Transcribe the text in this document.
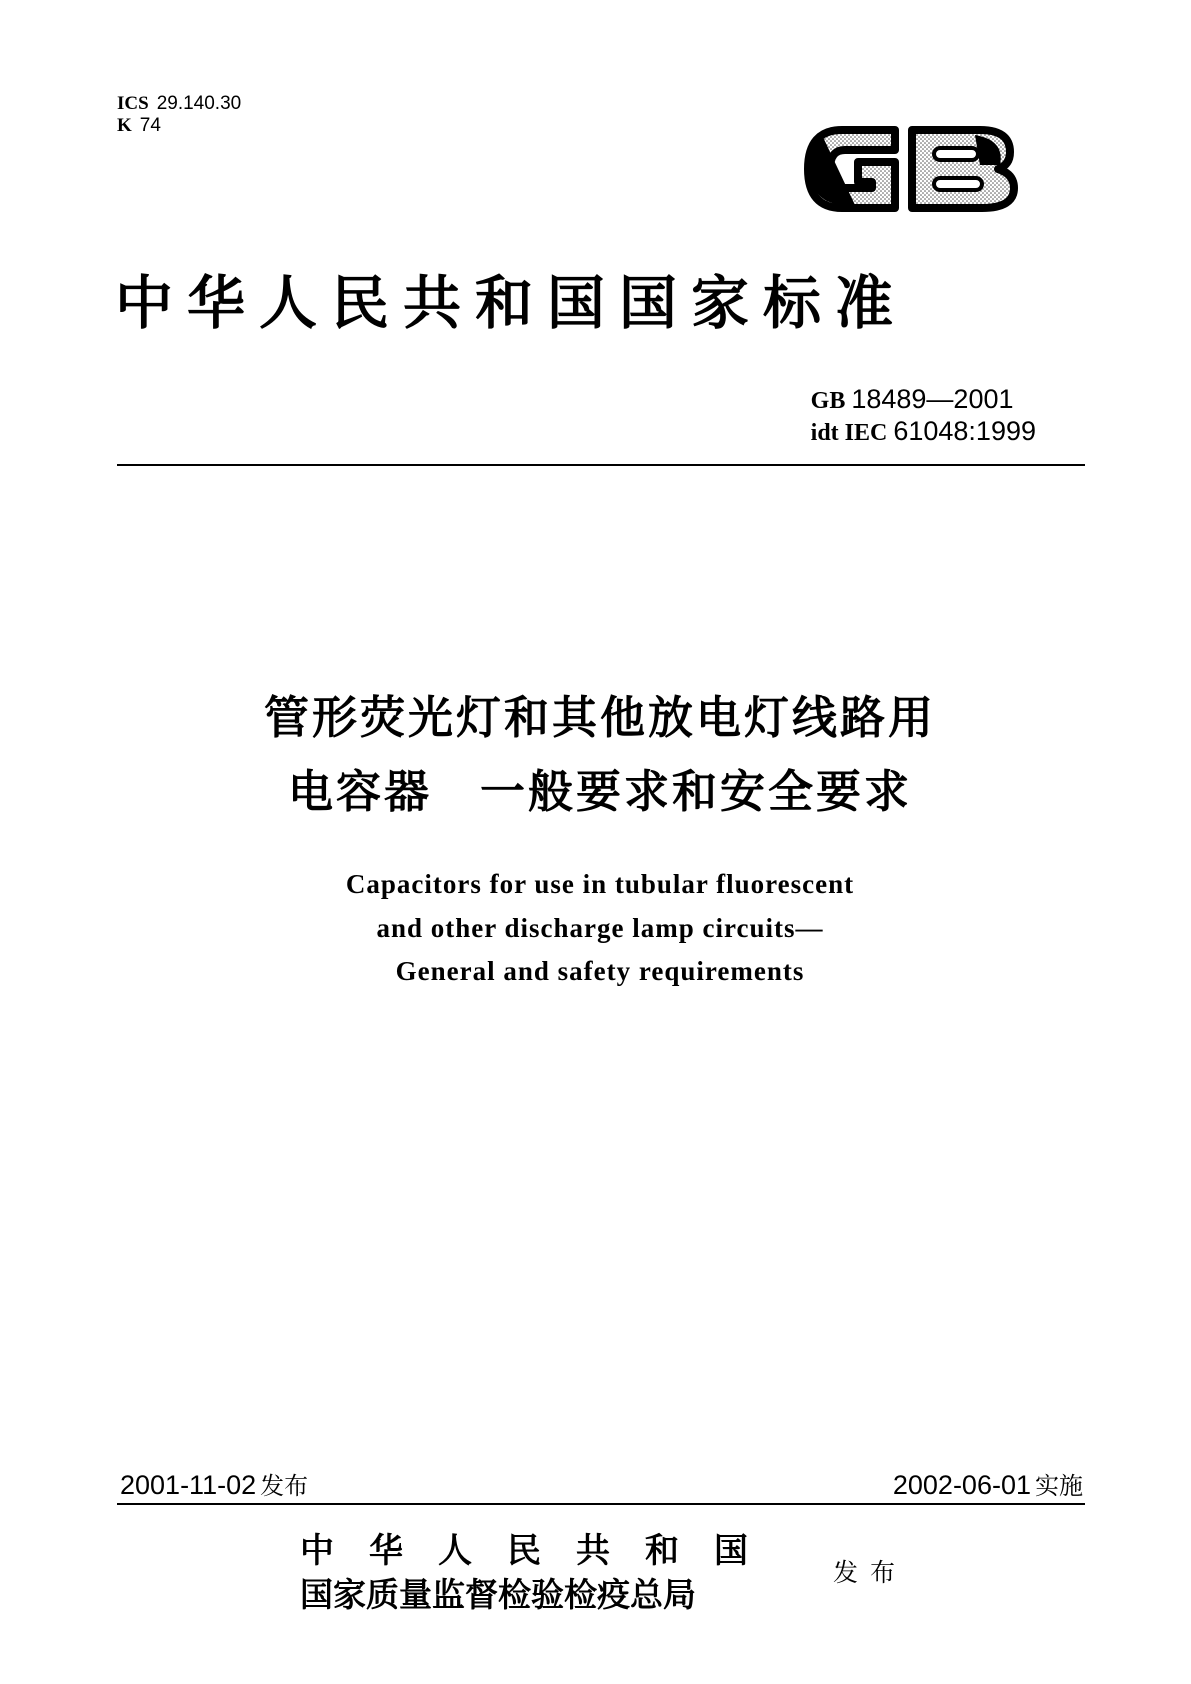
ICS 29.140.30
K 74
中华人民共和国国家标准
GB 18489—2001
idt IEC 61048:1999
管形荧光灯和其他放电灯线路用
电容器　一般要求和安全要求
Capacitors for use in tubular fluorescent
and other discharge lamp circuits—
General and safety requirements
2001-11-02 发布	2002-06-01 实施
中华人民共和国
国家质量监督检验检疫总局
发布
